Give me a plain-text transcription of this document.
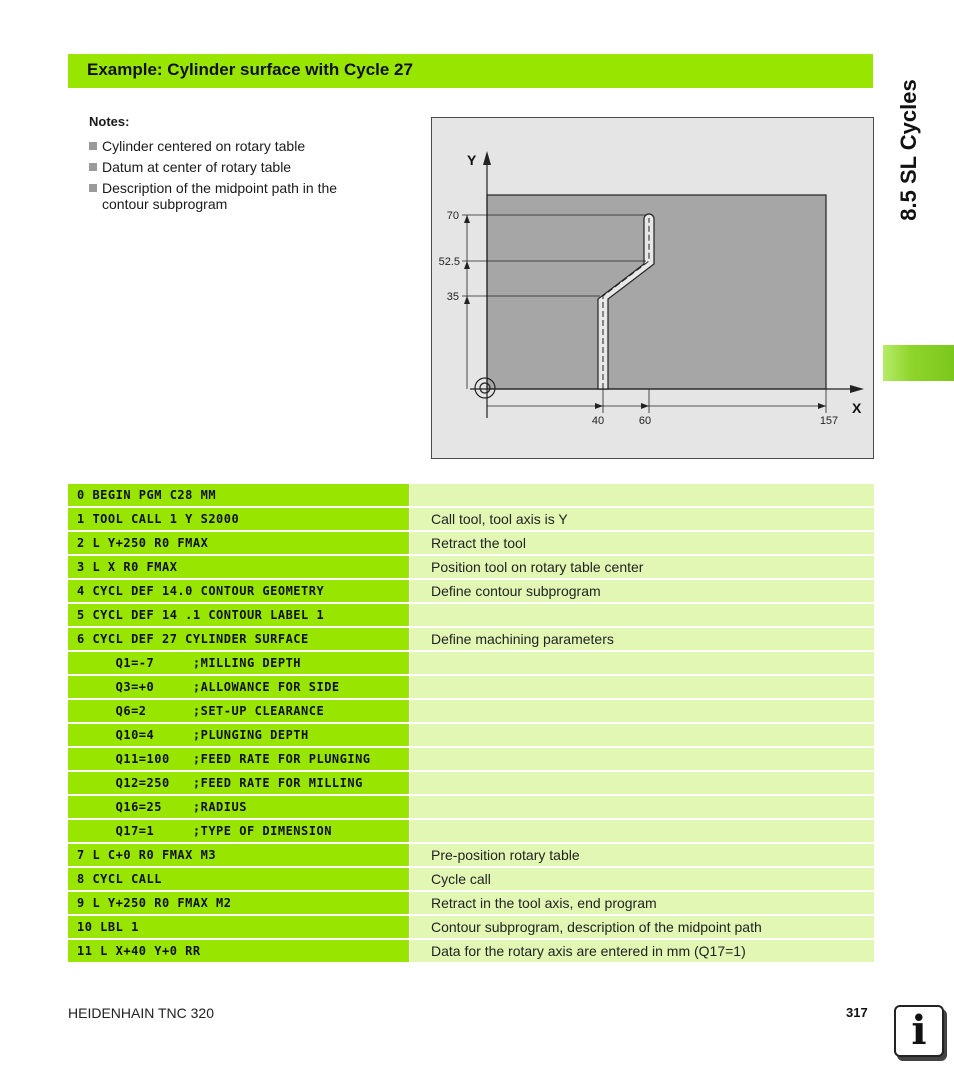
Example: Cylinder surface with Cycle 27
8.5 SL Cycles
Notes:
Cylinder centered on rotary table
Datum at center of rotary table
Description of the midpoint path in the contour subprogram
Y
X
70
52.5
35
40	60	157
0 BEGIN PGM C28 MM
1 TOOL CALL 1 Y S2000	Call tool, tool axis is Y
2 L Y+250 R0 FMAX	Retract the tool
3 L X R0 FMAX	Position tool on rotary table center
4 CYCL DEF 14.0 CONTOUR GEOMETRY	Define contour subprogram
5 CYCL DEF 14 .1 CONTOUR LABEL 1
6 CYCL DEF 27 CYLINDER SURFACE	Define machining parameters
Q1=-7     ;MILLING DEPTH
Q3=+0     ;ALLOWANCE FOR SIDE
Q6=2      ;SET-UP CLEARANCE
Q10=4     ;PLUNGING DEPTH
Q11=100   ;FEED RATE FOR PLUNGING
Q12=250   ;FEED RATE FOR MILLING
Q16=25    ;RADIUS
Q17=1     ;TYPE OF DIMENSION
7 L C+0 R0 FMAX M3	Pre-position rotary table
8 CYCL CALL	Cycle call
9 L Y+250 R0 FMAX M2	Retract in the tool axis, end program
10 LBL 1	Contour subprogram, description of the midpoint path
11 L X+40 Y+0 RR	Data for the rotary axis are entered in mm (Q17=1)
HEIDENHAIN TNC 320	317	i
